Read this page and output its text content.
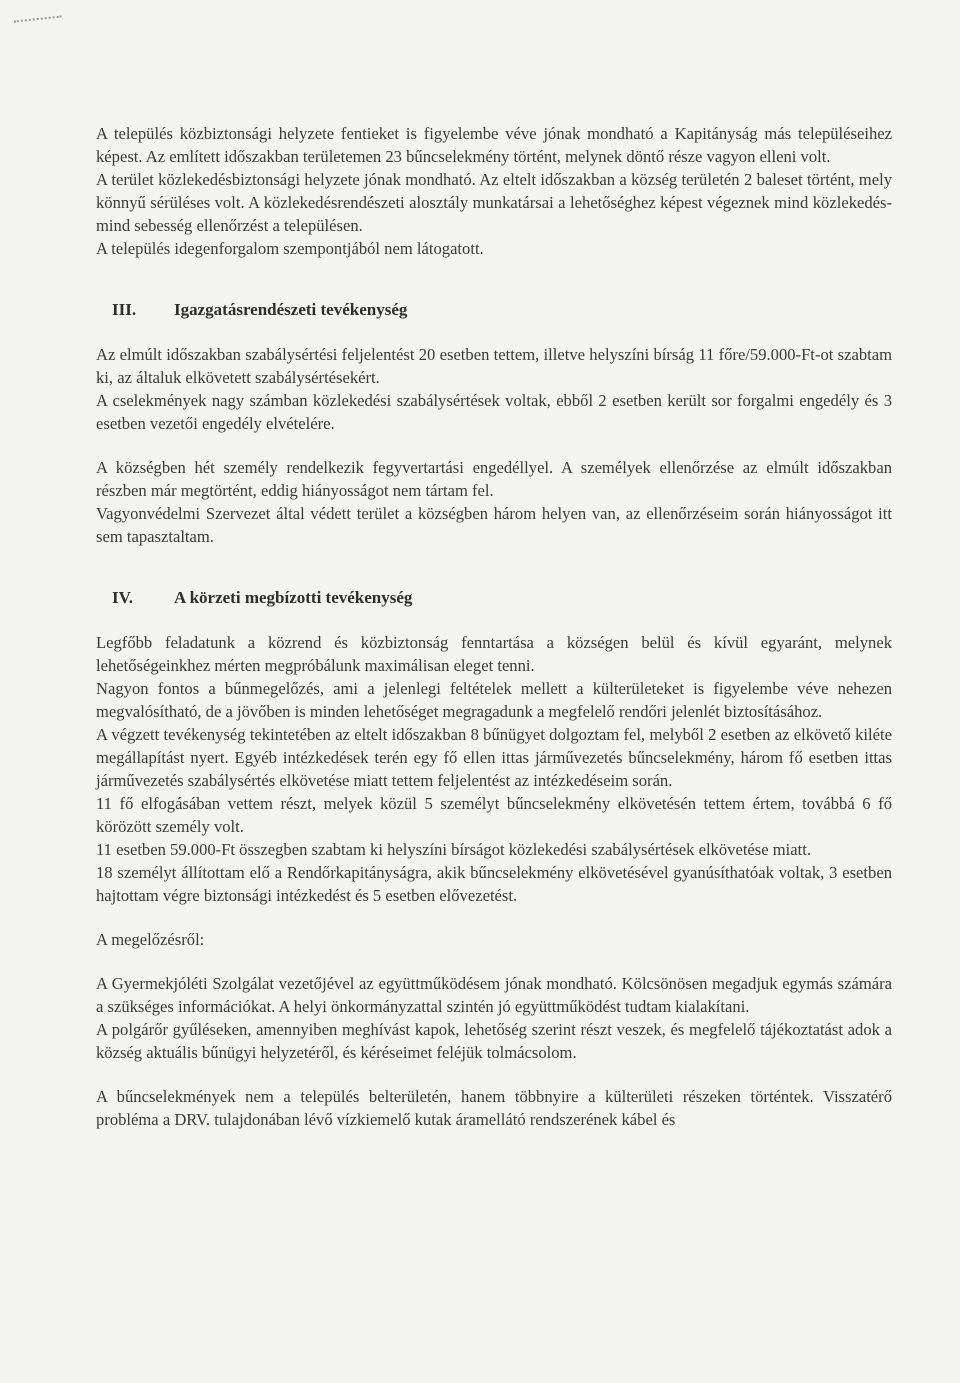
A település közbiztonsági helyzete fentieket is figyelembe véve jónak mondható a Kapitányság más településeihez képest. Az említett időszakban területemen 23 bűncselekmény történt, melynek döntő része vagyon elleni volt.

A terület közlekedésbiztonsági helyzete jónak mondható. Az eltelt időszakban a község területén 2 baleset történt, mely könnyű sérüléses volt. A közlekedésrendészeti alosztály munkatársai a lehetőséghez képest végeznek mind közlekedés- mind sebesség ellenőrzést a településen.

A település idegenforgalom szempontjából nem látogatott.

III. Igazgatásrendészeti tevékenység

Az elmúlt időszakban szabálysértési feljelentést 20 esetben tettem, illetve helyszíni bírság 11 főre/59.000-Ft-ot szabtam ki, az általuk elkövetett szabálysértésekért.

A cselekmények nagy számban közlekedési szabálysértések voltak, ebből 2 esetben került sor forgalmi engedély és 3 esetben vezetői engedély elvételére.

A községben hét személy rendelkezik fegyvertartási engedéllyel. A személyek ellenőrzése az elmúlt időszakban részben már megtörtént, eddig hiányosságot nem tártam fel.

Vagyonvédelmi Szervezet által védett terület a községben három helyen van, az ellenőrzéseim során hiányosságot itt sem tapasztaltam.

IV. A körzeti megbízotti tevékenység

Legfőbb feladatunk a közrend és közbiztonság fenntartása a községen belül és kívül egyaránt, melynek lehetőségeinkhez mérten megpróbálunk maximálisan eleget tenni.

Nagyon fontos a bűnmegelőzés, ami a jelenlegi feltételek mellett a külterületeket is figyelembe véve nehezen megvalósítható, de a jövőben is minden lehetőséget megragadunk a megfelelő rendőri jelenlét biztosításához.

A végzett tevékenység tekintetében az eltelt időszakban 8 bűnügyet dolgoztam fel, melyből 2 esetben az elkövető kiléte megállapítást nyert. Egyéb intézkedések terén egy fő ellen ittas járművezetés bűncselekmény, három fő esetben ittas járművezetés szabálysértés elkövetése miatt tettem feljelentést az intézkedéseim során.

11 fő elfogásában vettem részt, melyek közül 5 személyt bűncselekmény elkövetésén tettem értem, továbbá 6 fő körözött személy volt.

11 esetben 59.000-Ft összegben szabtam ki helyszíni bírságot közlekedési szabálysértések elkövetése miatt.

18 személyt állítottam elő a Rendőrkapitányságra, akik bűncselekmény elkövetésével gyanúsíthatóak voltak, 3 esetben hajtottam végre biztonsági intézkedést és 5 esetben elővezetést.

A megelőzésről:

A Gyermekjóléti Szolgálat vezetőjével az együttműködésem jónak mondható. Kölcsönösen megadjuk egymás számára a szükséges információkat. A helyi önkormányzattal szintén jó együttműködést tudtam kialakítani.

A polgárőr gyűléseken, amennyiben meghívást kapok, lehetőség szerint részt veszek, és megfelelő tájékoztatást adok a község aktuális bűnügyi helyzetéről, és kéréseimet feléjük tolmácsolom.

A bűncselekmények nem a település belterületén, hanem többnyire a külterületi részeken történtek. Visszatérő probléma a DRV. tulajdonában lévő vízkiemelő kutak áramellátó rendszerének kábel és
